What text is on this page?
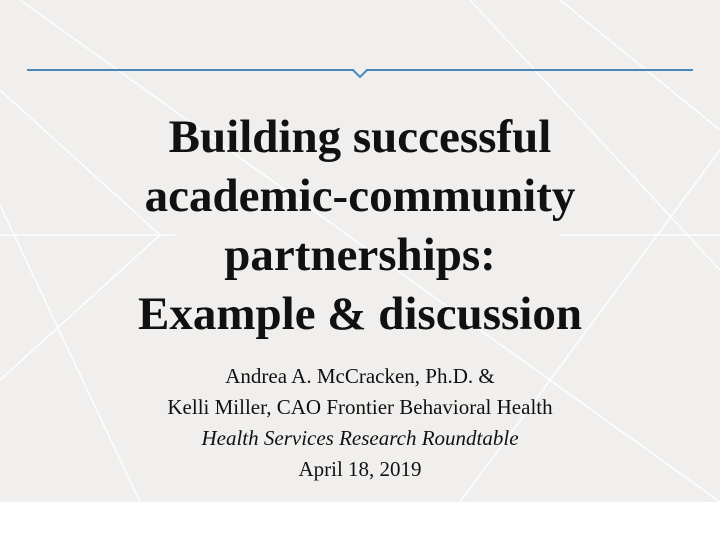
Building successful
academic-community
partnerships:
Example & discussion
Andrea A. McCracken, Ph.D. &
Kelli Miller, CAO Frontier Behavioral Health
Health Services Research Roundtable
April 18, 2019
